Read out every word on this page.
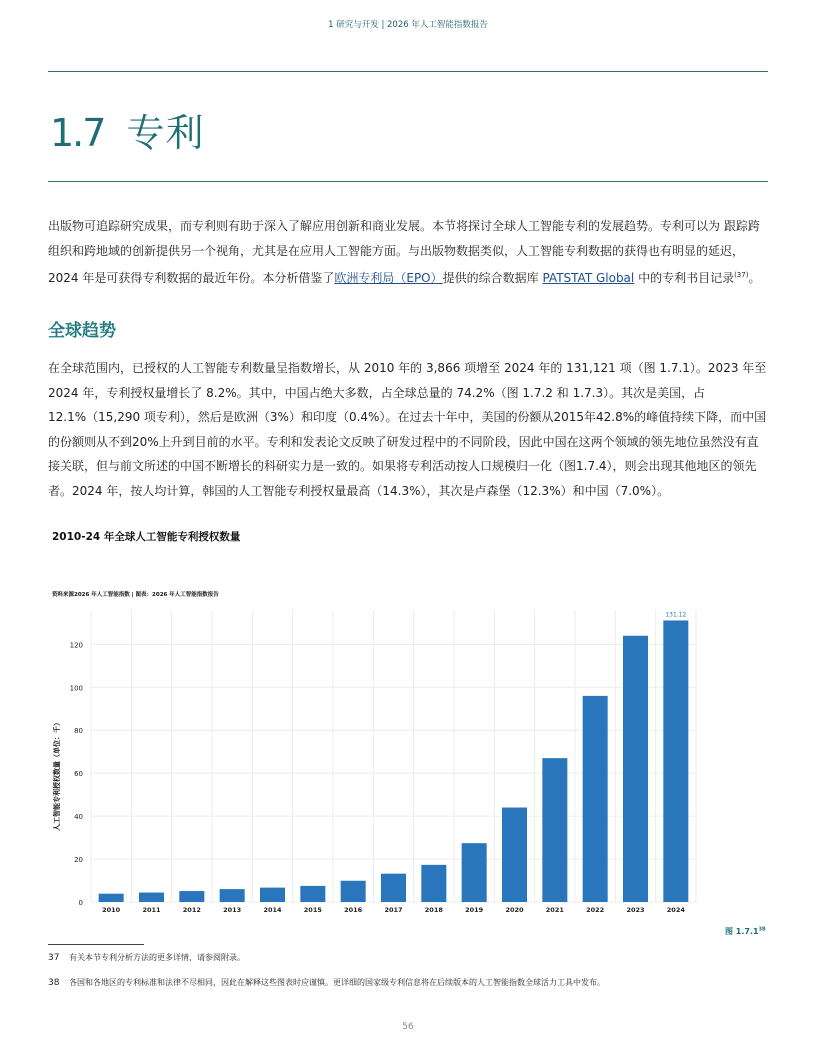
1 研究与开发 | 2026 年人工智能指数报告
1.7 专利

出版物可追踪研究成果，而专利则有助于深入了解应用创新和商业发展。本节将探讨全球人工智能专利的发展趋势。专利可以为 跟踪跨组织和跨地域的创新提供另一个视角，尤其是在应用人工智能方面。与出版物数据类似，人工智能专利数据的获得也有明显的延迟，2024 年是可获得专利数据的最近年份。本分析借鉴了欧洲专利局（EPO）提供的综合数据库 PATSTAT Global 中的专利书目记录$^{(37)}$。

全球趋势

在全球范围内，已授权的人工智能专利数量呈指数增长，从 2010 年的 3,866 项增至 2024 年的 131,121 项（图 1.7.1）。2023 年至 2024 年，专利授权量增长了 8.2%。其中，中国占绝大多数，占全球总量的 74.2%（图 1.7.2 和 1.7.3）。其次是美国，占 12.1%（15,290 项专利），然后是欧洲（3%）和印度（0.4%）。在过去十年中，美国的份额从2015年42.8%的峰值持续下降，而中国的份额则从不到20%上升到目前的水平。专利和发表论文反映了研发过程中的不同阶段，因此中国在这两个领域的领先地位虽然没有直接关联，但与前文所述的中国不断增长的科研实力是一致的。如果将专利活动按人口规模归一化（图1.7.4），则会出现其他地区的领先者。2024 年，按人均计算，韩国的人工智能专利授权量最高（14.3%），其次是卢森堡（12.3%）和中国（7.0%）。

2010-24 年全球人工智能专利授权数量
资料来源2026 年人工智能指数 | 图表：2026 年人工智能指数报告
0
20
40
60
80
100
120
2010	2011	2012	2013	2014	2015	2016	2017	2018	2019	2020	2021	2022	2023	2024
131.12
人工智能专利授权数量（单位：千）
图 1.7.1$^{38}$
37 有关本节专利分析方法的更多详情，请参阅附录。
38 各国和各地区的专利标准和法律不尽相同，因此在解释这些图表时应谨慎。更详细的国家级专利信息将在后续版本的人工智能指数全球活力工具中发布。
56
